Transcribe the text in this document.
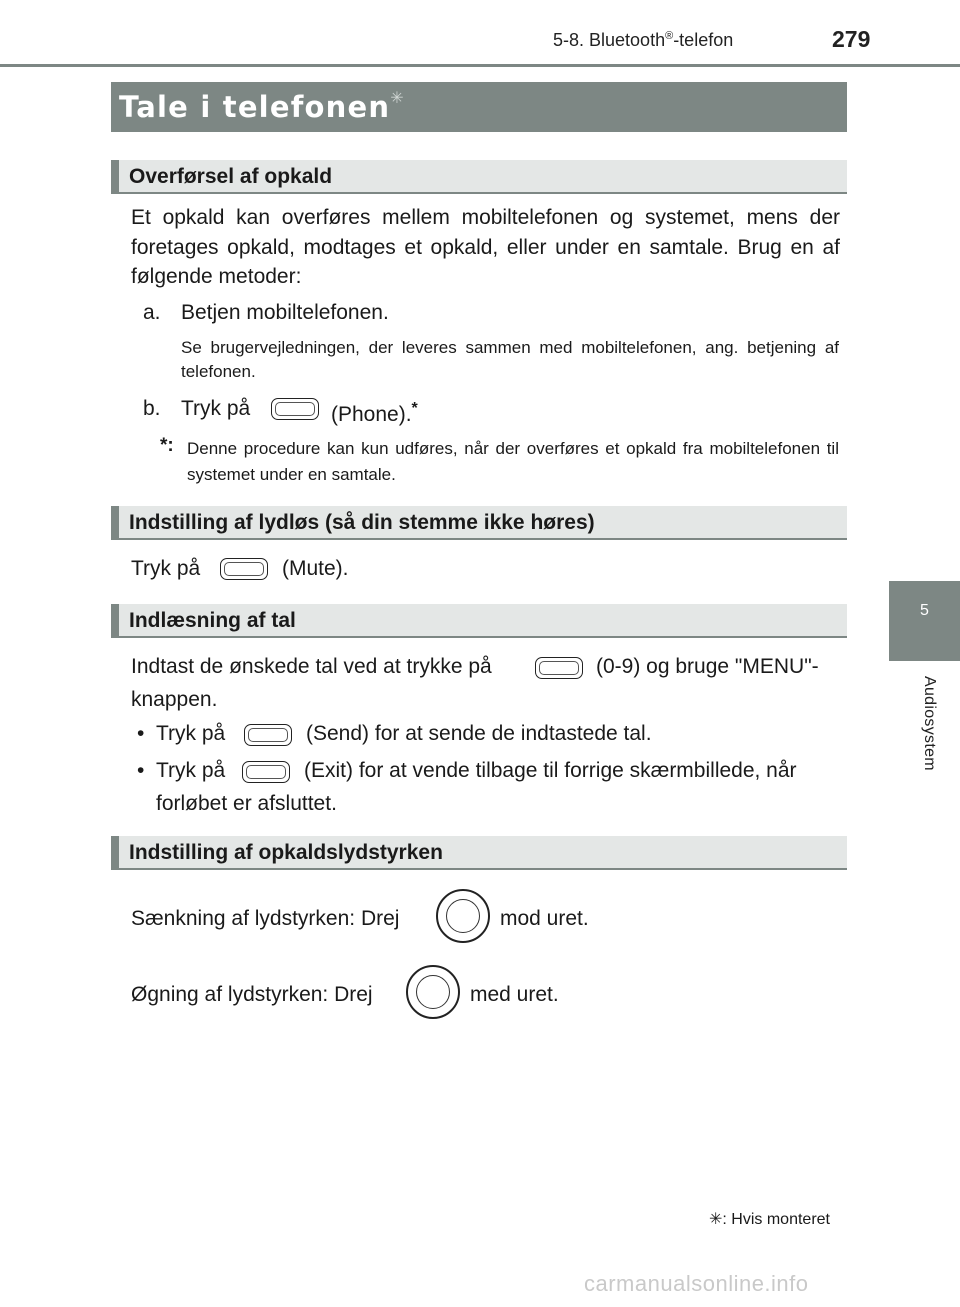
5-8. Bluetooth®-telefon	279
5
Audiosystem
Tale i telefonen✳
Overførsel af opkald
Et opkald kan overføres mellem mobiltelefonen og systemet, mens der foretages opkald, modtages et opkald, eller under en samtale. Brug en af følgende metoder:
a. Betjen mobiltelefonen.
Se brugervejledningen, der leveres sammen med mobiltelefonen, ang. betjening af telefonen.
b. Tryk på	(Phone).*
*: Denne procedure kan kun udføres, når der overføres et opkald fra mobiltelefonen til systemet under en samtale.
Indstilling af lydløs (så din stemme ikke høres)
Tryk på	(Mute).
Indlæsning af tal
Indtast de ønskede tal ved at trykke på	(0-9) og bruge "MENU"-
knappen.
• Tryk på	(Send) for at sende de indtastede tal.
• Tryk på	(Exit) for at vende tilbage til forrige skærmbillede, når
forløbet er afsluttet.
Indstilling af opkaldslydstyrken
Sænkning af lydstyrken: Drej	mod uret.
Øgning af lydstyrken: Drej	med uret.
✳: Hvis monteret
carmanualsonline.info
